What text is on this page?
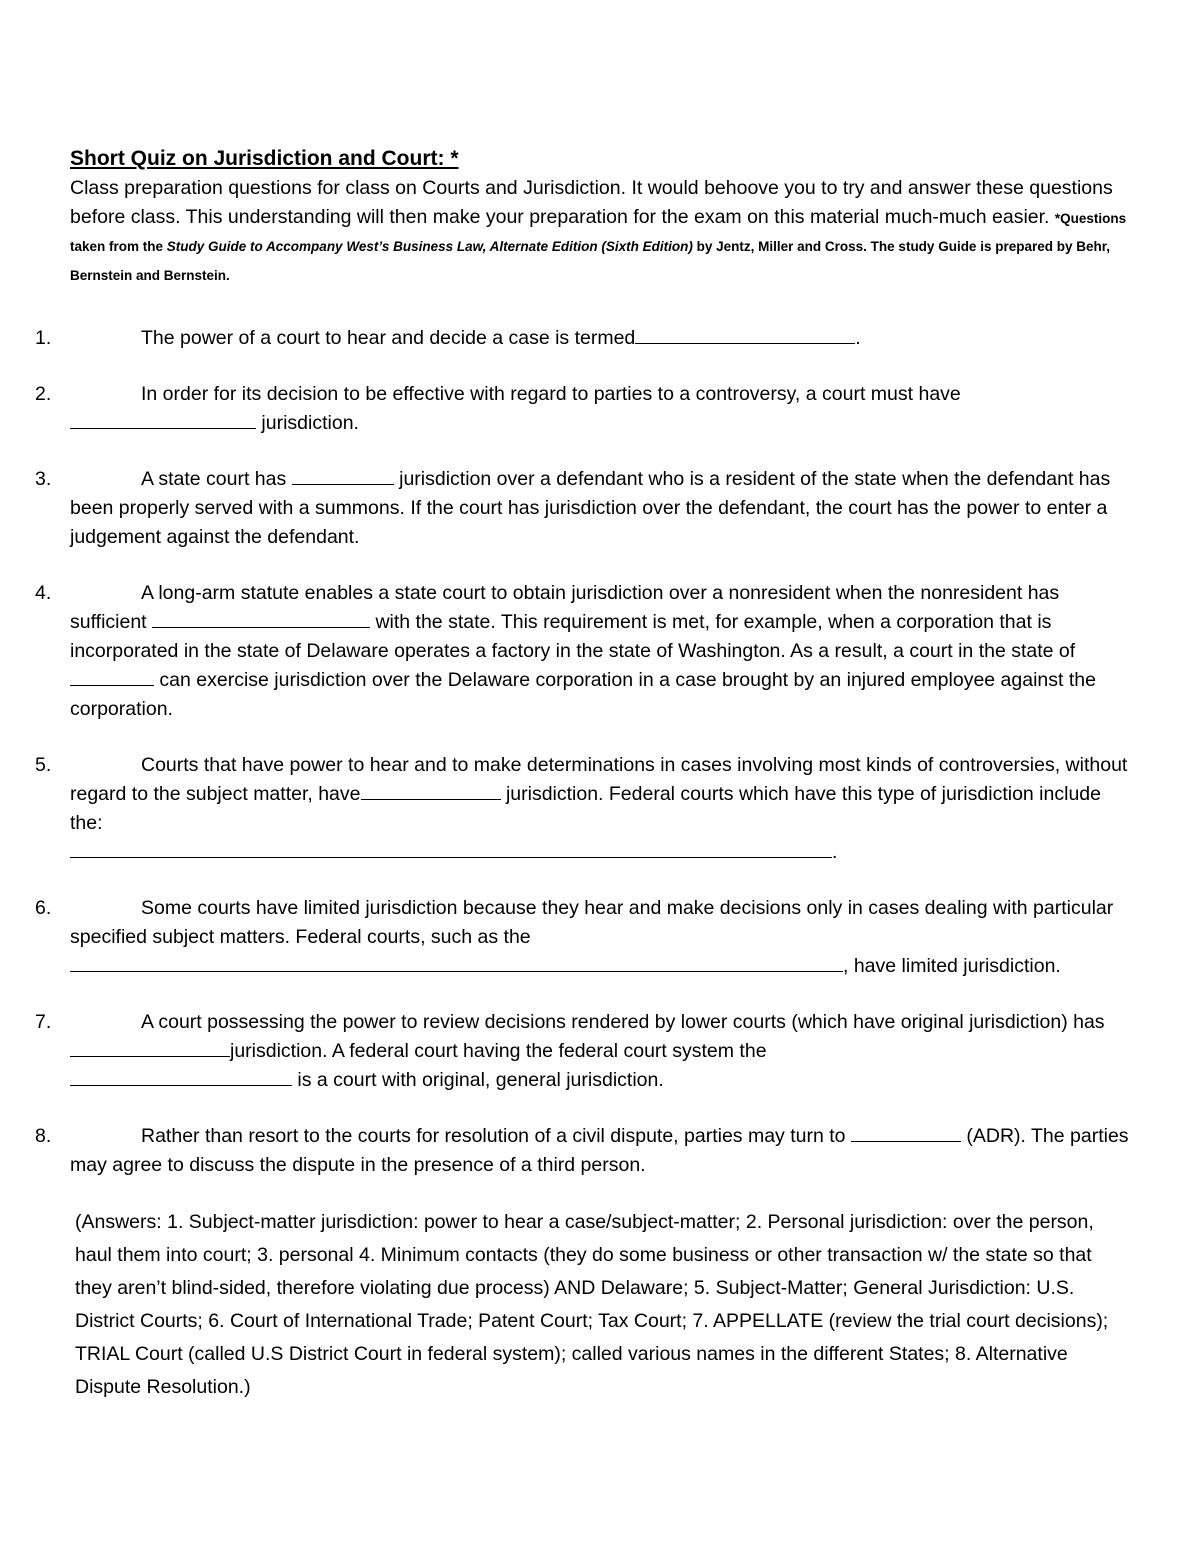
Short Quiz on Jurisdiction and Court: *
Class preparation questions for class on Courts and Jurisdiction. It would behoove you to try and answer these questions before class. This understanding will then make your preparation for the exam on this material much-much easier. *Questions taken from the Study Guide to Accompany West’s Business Law, Alternate Edition (Sixth Edition) by Jentz, Miller and Cross. The study Guide is prepared by Behr, Bernstein and Bernstein.
1.	The power of a court to hear and decide a case is termed	.
2.	In order for its decision to be effective with regard to parties to a controversy, a court must have
jurisdiction.
3.	A state court has	jurisdiction over a defendant who is a resident of the state when the defendant has been properly served with a summons. If the court has jurisdiction over the defendant, the court has the power to enter a judgement against the defendant.
4.	A long-arm statute enables a state court to obtain jurisdiction over a nonresident when the nonresident has sufficient	with the state. This requirement is met, for example, when a corporation that is incorporated in the state of Delaware operates a factory in the state of Washington. As a result, a court in the state of  can exercise jurisdiction over the Delaware corporation in a case brought by an injured employee against the corporation.
5.	Courts that have power to hear and to make determinations in cases involving most kinds of controversies, without regard to the subject matter, have	jurisdiction. Federal courts which have this type of jurisdiction include the:
.
6.	Some courts have limited jurisdiction because they hear and make decisions only in cases dealing with particular specified subject matters. Federal courts, such as the
, have limited jurisdiction.
7.	A court possessing the power to review decisions rendered by lower courts (which have original jurisdiction) has jurisdiction. A federal court having the federal court system the
is a court with original, general jurisdiction.
8.	Rather than resort to the courts for resolution of a civil dispute, parties may turn to	(ADR). The parties may agree to discuss the dispute in the presence of a third person.
(Answers: 1. Subject-matter jurisdiction: power to hear a case/subject-matter; 2. Personal jurisdiction: over the person, haul them into court; 3. personal 4. Minimum contacts (they do some business or other transaction w/ the state so that they aren’t blind-sided, therefore violating due process) AND Delaware; 5. Subject-Matter; General Jurisdiction: U.S. District Courts; 6. Court of International Trade; Patent Court; Tax Court; 7. APPELLATE (review the trial court decisions); TRIAL Court (called U.S District Court in federal system); called various names in the different States; 8. Alternative Dispute Resolution.)
